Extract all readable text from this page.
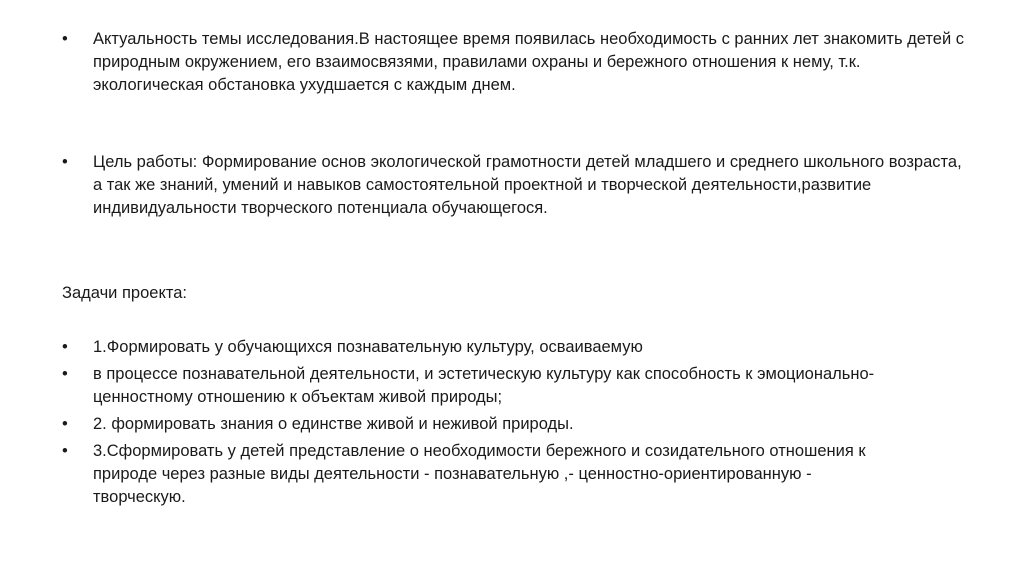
•	Актуальность темы исследования.В настоящее время появилась необходимость с ранних лет знакомить детей с природным окружением, его взаимосвязями, правилами охраны и бережного отношения к нему, т.к. экологическая обстановка ухудшается с каждым днем.
•	Цель работы: Формирование основ экологической грамотности детей младшего и среднего школьного возраста, а так же знаний, умений и навыков самостоятельной проектной и творческой деятельности,развитие индивидуальности творческого потенциала обучающегося.
Задачи проекта:
•	1.Формировать у обучающихся познавательную культуру, осваиваемую
•	в процессе познавательной деятельности, и эстетическую культуру как способность к эмоционально-ценностному отношению к объектам живой природы;
•	2. формировать знания о единстве живой и неживой природы.
•	3.Сформировать у детей представление о необходимости бережного и созидательного отношения к природе через разные виды деятельности - познавательную ,- ценностно-ориентированную - творческую.
